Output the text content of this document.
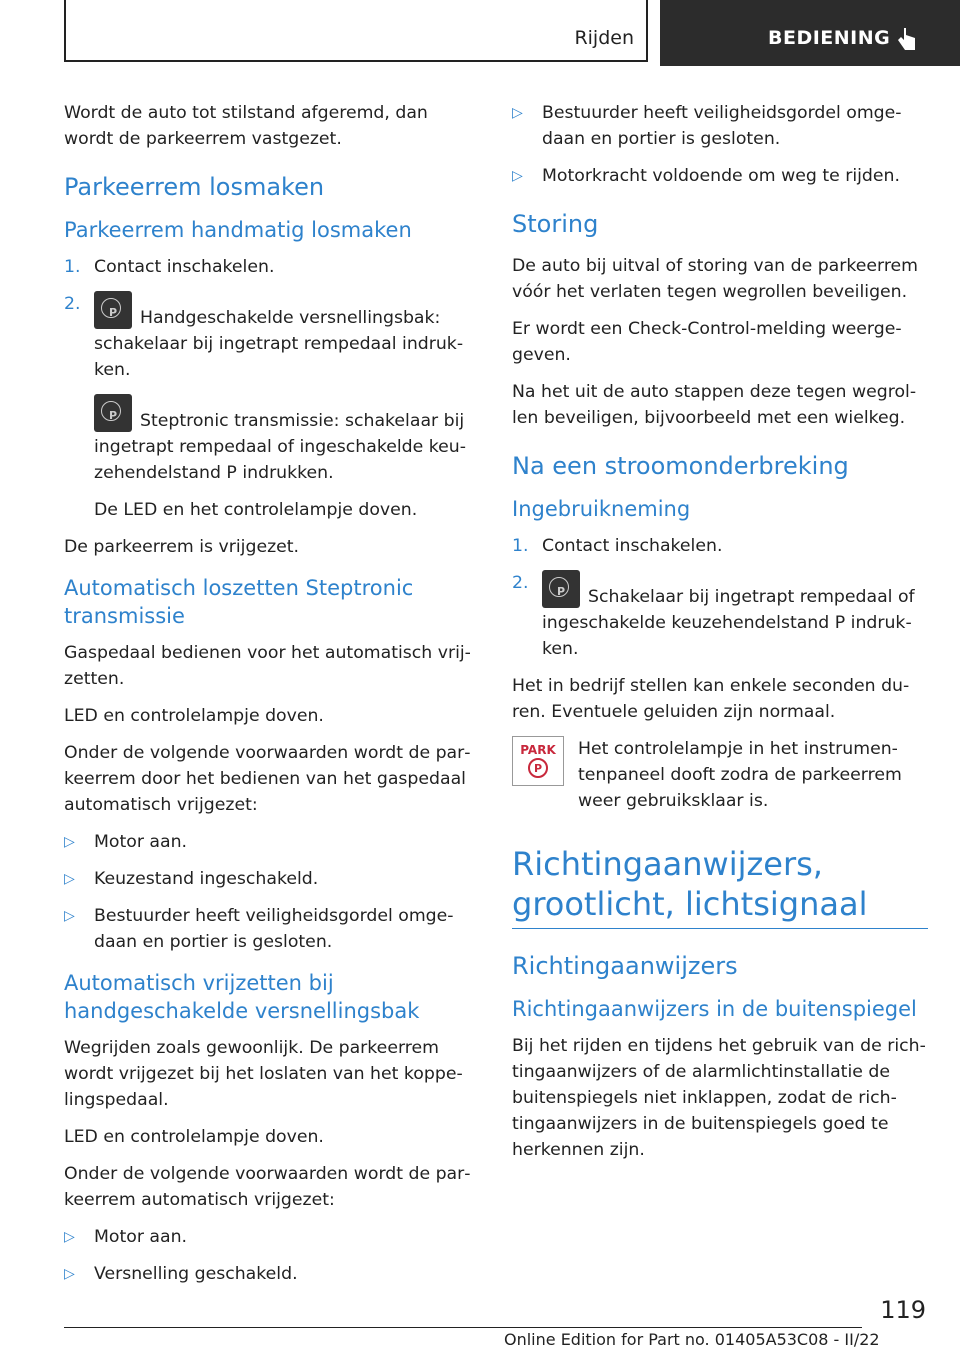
Rijden	BEDIENING

Wordt de auto tot stilstand afgeremd, dan wordt de parkeerrem vastgezet.

Parkeerrem losmaken
Parkeerrem handmatig losmaken

1. Contact inschakelen.

2.	P	Handgeschakelde versnellingsbak: schakelaar bij ingetrapt rempedaal indrukken.

P	Steptronic transmissie: schakelaar bij ingetrapt rempedaal of ingeschakelde keuzehendelstand P indrukken.

De LED en het controlelampje doven.

De parkeerrem is vrijgezet.

Automatisch loszetten Steptronic transmissie

Gaspedaal bedienen voor het automatisch vrijzetten.

LED en controlelampje doven.

Onder de volgende voorwaarden wordt de parkeerrem door het bedienen van het gaspedaal automatisch vrijgezet:

▷ Motor aan.

▷ Keuzestand ingeschakeld.

▷ Bestuurder heeft veiligheidsgordel omgedaan en portier is gesloten.

Automatisch vrijzetten bij handgeschakelde versnellingsbak

Wegrijden zoals gewoonlijk. De parkeerrem wordt vrijgezet bij het loslaten van het koppelingspedaal.

LED en controlelampje doven.

Onder de volgende voorwaarden wordt de parkeerrem automatisch vrijgezet:

▷ Motor aan.

▷ Versnelling geschakeld.

▷ Bestuurder heeft veiligheidsgordel omgedaan en portier is gesloten.

▷ Motorkracht voldoende om weg te rijden.

Storing

De auto bij uitval of storing van de parkeerrem vóór het verlaten tegen wegrollen beveiligen.

Er wordt een Check-Control-melding weergegeven.

Na het uit de auto stappen deze tegen wegrollen beveiligen, bijvoorbeeld met een wielkeg.

Na een stroomonderbreking
Ingebruikneming

1. Contact inschakelen.

2.	P	Schakelaar bij ingetrapt rempedaal of ingeschakelde keuzehendelstand P indrukken.

Het in bedrijf stellen kan enkele seconden duren. Eventuele geluiden zijn normaal.

PARK
P

Het controlelampje in het instrumentenpaneel dooft zodra de parkeerrem weer gebruiksklaar is.

Richtingaanwijzers, grootlicht, lichtsignaal
Richtingaanwijzers
Richtingaanwijzers in de buitenspiegel

Bij het rijden en tijdens het gebruik van de richtingaanwijzers of de alarmlichtinstallatie de buitenspiegels niet inklappen, zodat de richtingaanwijzers in de buitenspiegels goed te herkennen zijn.

119
Online Edition for Part no. 01405A53C08 - II/22
